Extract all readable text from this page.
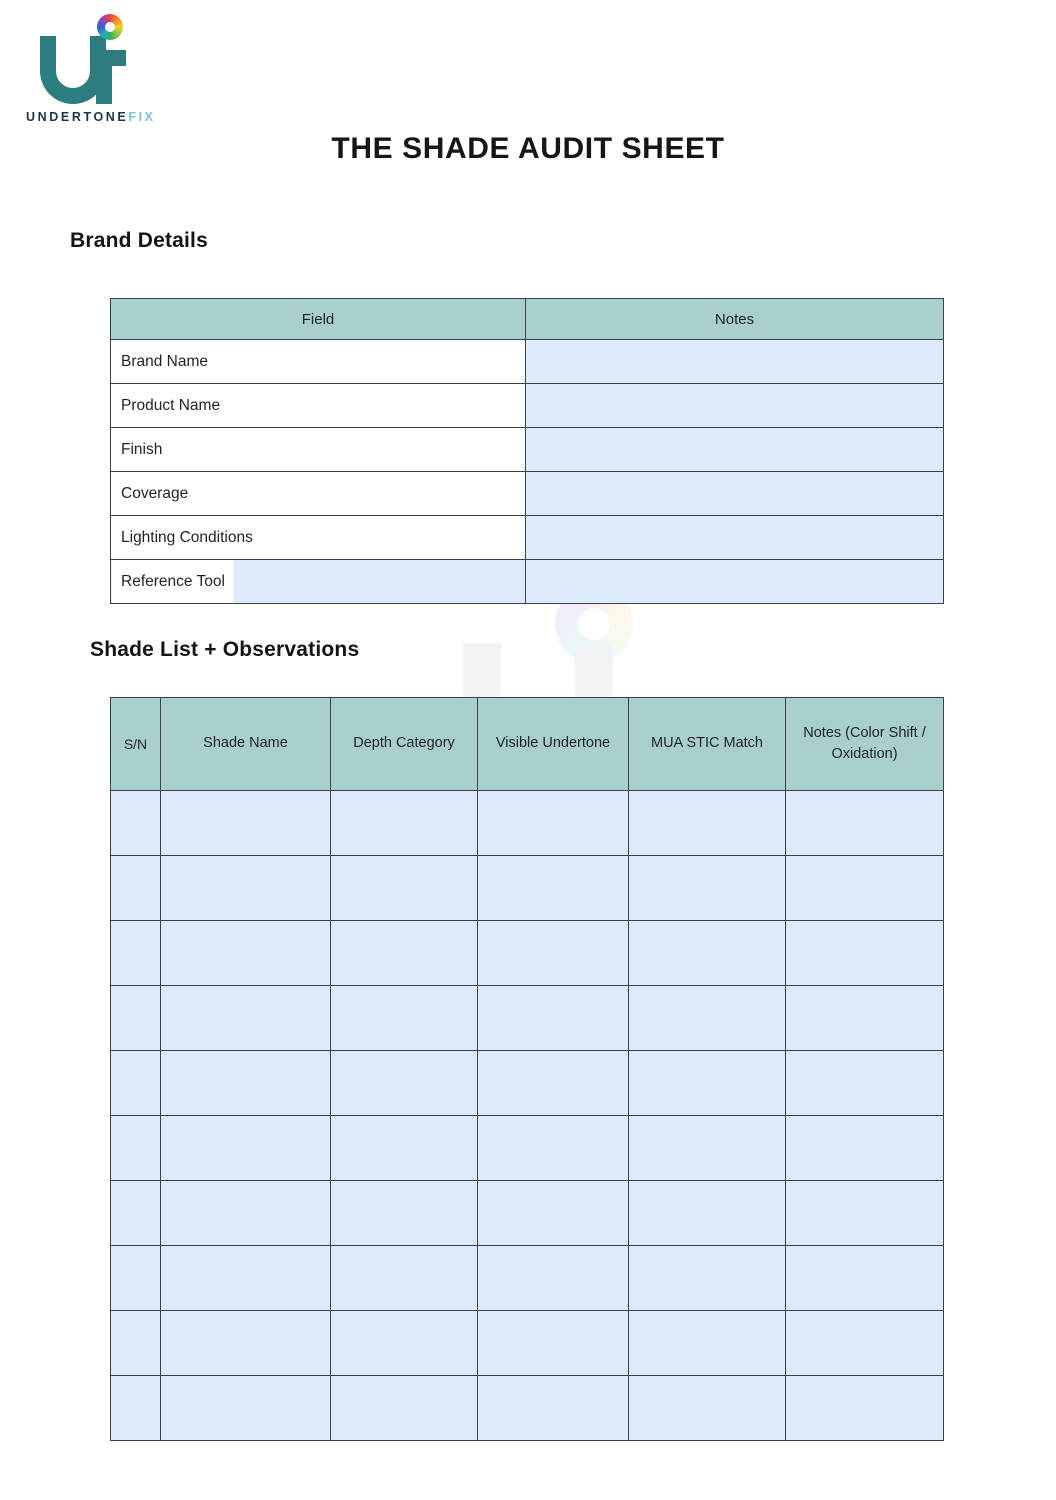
UNDERTONEFIX
THE SHADE AUDIT SHEET
Brand Details
Field	Notes
Brand Name	
Product Name	
Finish	
Coverage	
Lighting Conditions	
Reference Tool	
Shade List + Observations
S/N	Shade Name	Depth Category	Visible Undertone	MUA STIC Match	Notes (Color Shift / Oxidation)
